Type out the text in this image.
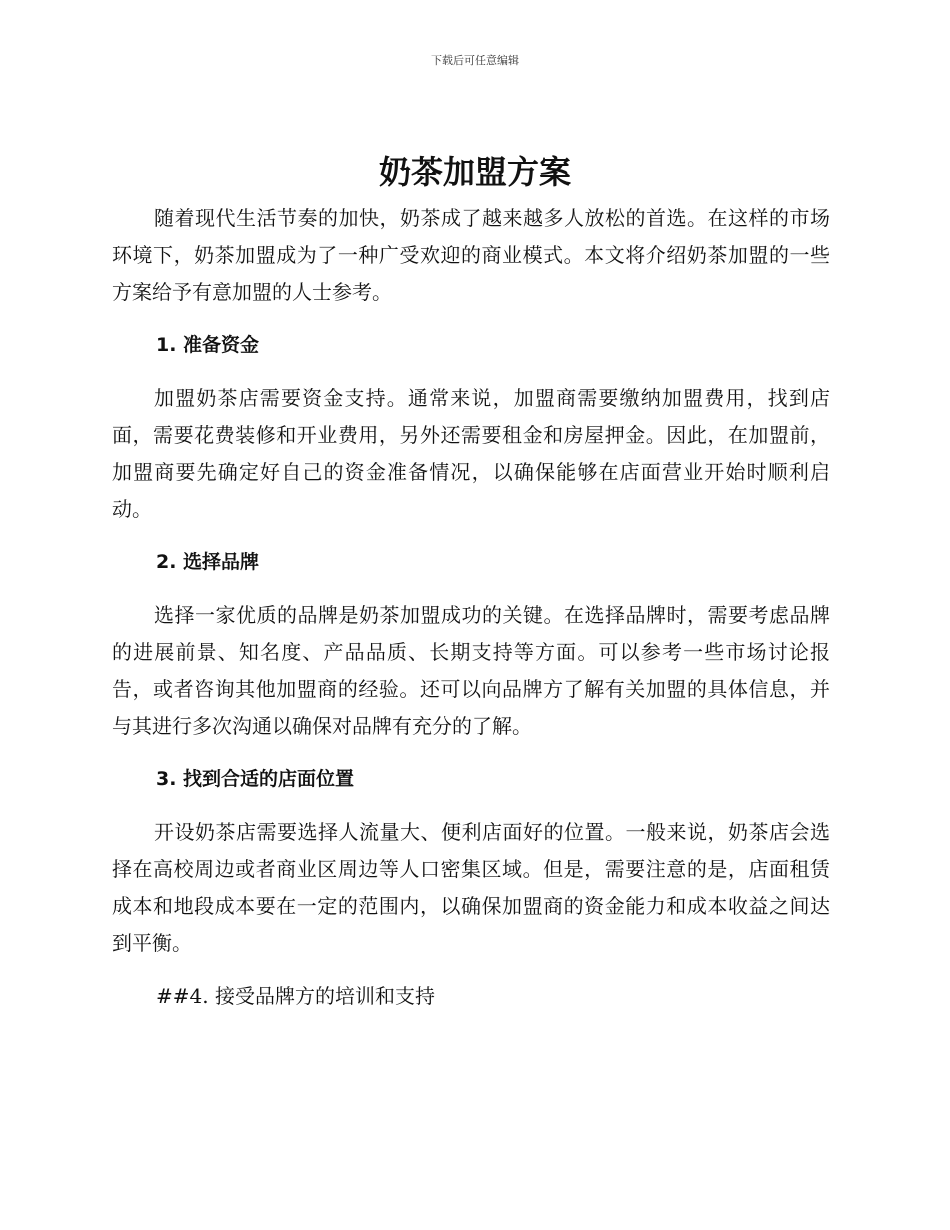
下载后可任意编辑
奶茶加盟方案

随着现代生活节奏的加快，奶茶成了越来越多人放松的首选。在这样的市场环境下，奶茶加盟成为了一种广受欢迎的商业模式。本文将介绍奶茶加盟的一些方案给予有意加盟的人士参考。

1. 准备资金

加盟奶茶店需要资金支持。通常来说，加盟商需要缴纳加盟费用，找到店面，需要花费装修和开业费用，另外还需要租金和房屋押金。因此，在加盟前，加盟商要先确定好自己的资金准备情况，以确保能够在店面营业开始时顺利启动。

2. 选择品牌

选择一家优质的品牌是奶茶加盟成功的关键。在选择品牌时，需要考虑品牌的进展前景、知名度、产品品质、长期支持等方面。可以参考一些市场讨论报告，或者咨询其他加盟商的经验。还可以向品牌方了解有关加盟的具体信息，并与其进行多次沟通以确保对品牌有充分的了解。

3. 找到合适的店面位置

开设奶茶店需要选择人流量大、便利店面好的位置。一般来说，奶茶店会选择在高校周边或者商业区周边等人口密集区域。但是，需要注意的是，店面租赁成本和地段成本要在一定的范围内，以确保加盟商的资金能力和成本收益之间达到平衡。

##4. 接受品牌方的培训和支持
